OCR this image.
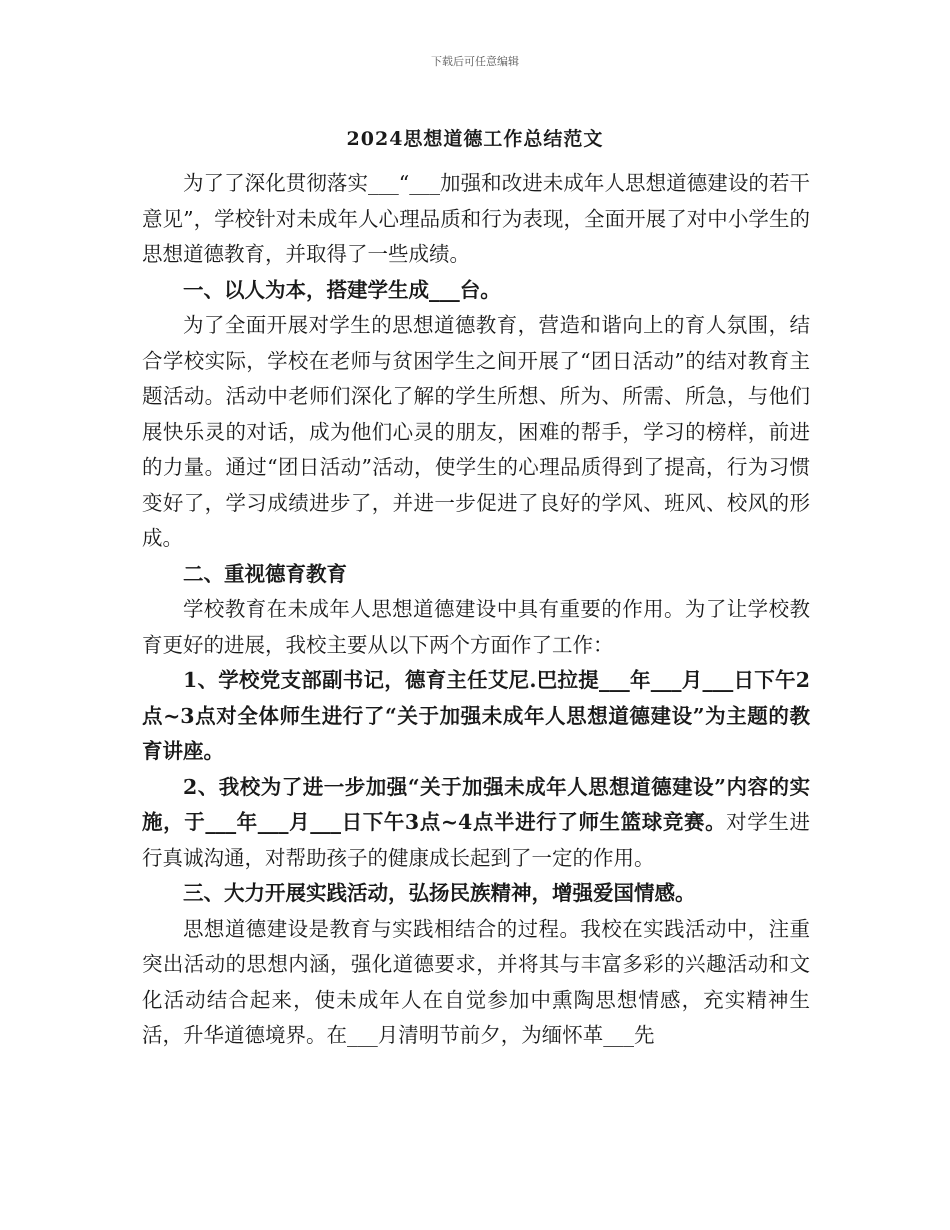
下载后可任意编辑
2024思想道德工作总结范文

为了了深化贯彻落实___“___加强和改进未成年人思想道德建设的若干意见”，学校针对未成年人心理品质和行为表现，全面开展了对中小学生的思想道德教育，并取得了一些成绩。

一、以人为本，搭建学生成___台。

为了全面开展对学生的思想道德教育，营造和谐向上的育人氛围，结合学校实际，学校在老师与贫困学生之间开展了“团日活动”的结对教育主题活动。活动中老师们深化了解的学生所想、所为、所需、所急，与他们展快乐灵的对话，成为他们心灵的朋友，困难的帮手，学习的榜样，前进的力量。通过“团日活动”活动，使学生的心理品质得到了提高，行为习惯变好了，学习成绩进步了，并进一步促进了良好的学风、班风、校风的形成。

二、重视德育教育

学校教育在未成年人思想道德建设中具有重要的作用。为了让学校教育更好的进展，我校主要从以下两个方面作了工作：

1、学校党支部副书记，德育主任艾尼.巴拉提___年___月___日下午2点~3点对全体师生进行了“关于加强未成年人思想道德建设”为主题的教育讲座。

2、我校为了进一步加强“关于加强未成年人思想道德建设”内容的实施，于___年___月___日下午3点~4点半进行了师生篮球竞赛。对学生进行真诚沟通，对帮助孩子的健康成长起到了一定的作用。

三、大力开展实践活动，弘扬民族精神，增强爱国情感。

思想道德建设是教育与实践相结合的过程。我校在实践活动中，注重突出活动的思想内涵，强化道德要求，并将其与丰富多彩的兴趣活动和文化活动结合起来，使未成年人在自觉参加中熏陶思想情感，充实精神生活，升华道德境界。在___月清明节前夕，为缅怀革___先
